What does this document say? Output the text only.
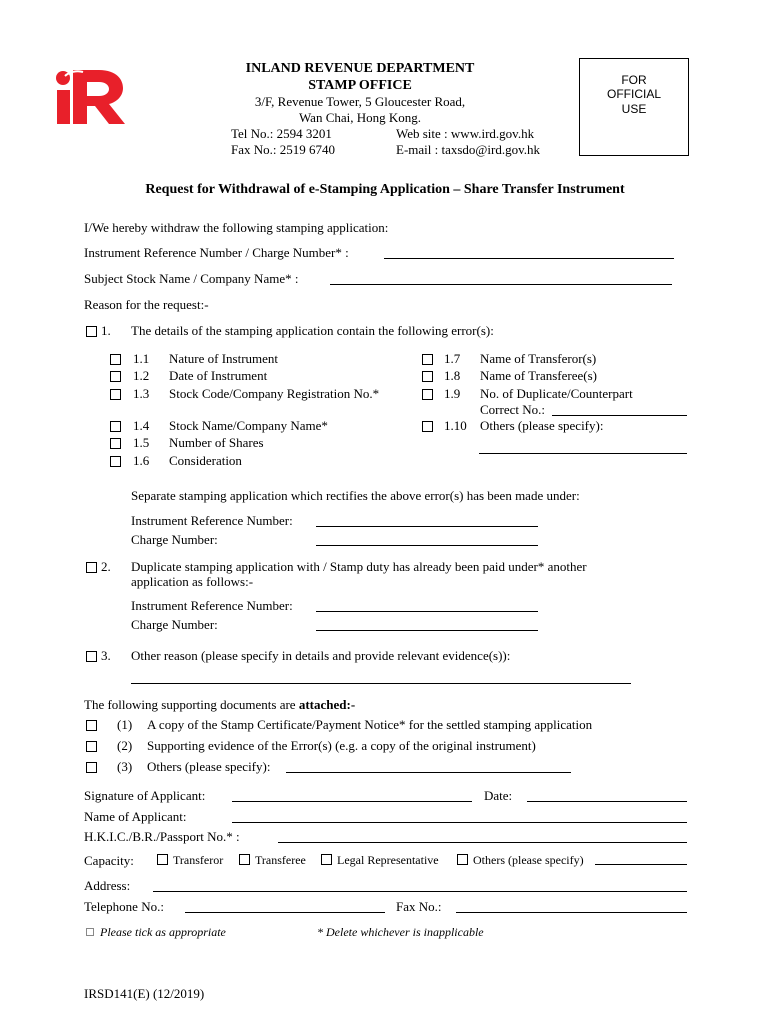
INLAND REVENUE DEPARTMENT
STAMP OFFICE
3/F, Revenue Tower, 5 Gloucester Road,
Wan Chai, Hong Kong.
Tel No.: 2594 3201	Web site : www.ird.gov.hk
Fax No.: 2519 6740	E-mail : taxsdo@ird.gov.hk
FOR OFFICIAL USE
Request for Withdrawal of e-Stamping Application – Share Transfer Instrument
I/We hereby withdraw the following stamping application:
Instrument Reference Number / Charge Number* :
Subject Stock Name / Company Name* :
Reason for the request:-
1. The details of the stamping application contain the following error(s):
1.1 Nature of Instrument
1.2 Date of Instrument
1.3 Stock Code/Company Registration No.*
1.4 Stock Name/Company Name*
1.5 Number of Shares
1.6 Consideration
1.7 Name of Transferor(s)
1.8 Name of Transferee(s)
1.9 No. of Duplicate/Counterpart
Correct No.:
1.10 Others (please specify):
Separate stamping application which rectifies the above error(s) has been made under:
Instrument Reference Number:
Charge Number:
2. Duplicate stamping application with / Stamp duty has already been paid under* another
application as follows:-
Instrument Reference Number:
Charge Number:
3. Other reason (please specify in details and provide relevant evidence(s)):
The following supporting documents are attached:-
(1) A copy of the Stamp Certificate/Payment Notice* for the settled stamping application
(2) Supporting evidence of the Error(s) (e.g. a copy of the original instrument)
(3) Others (please specify):
Signature of Applicant:	Date:
Name of Applicant:
H.K.I.C./B.R./Passport No.* :
Capacity:	Transferor	Transferee	Legal Representative	Others (please specify)
Address:
Telephone No.:	Fax No.:
Please tick as appropriate	* Delete whichever is inapplicable
IRSD141(E) (12/2019)
